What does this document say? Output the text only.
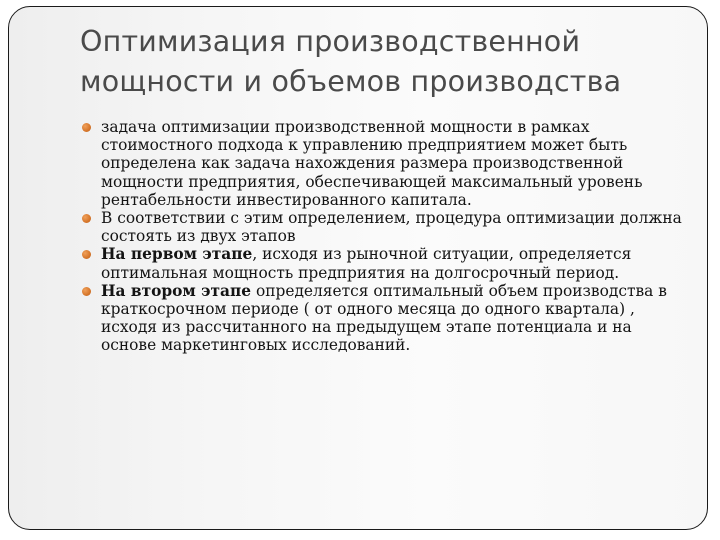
Оптимизация производственной
мощности и объемов производства
задача оптимизации производственной мощности в рамках стоимостного подхода к управлению предприятием может быть определена как задача нахождения размера производственной мощности предприятия, обеспечивающей максимальный уровень рентабельности инвестированного капитала.
В соответствии с этим определением, процедура оптимизации должна состоять из двух этапов
На первом этапе, исходя из рыночной ситуации, определяется оптимальная мощность предприятия на долгосрочный период.
На втором этапе определяется оптимальный объем производства в краткосрочном периоде ( от одного месяца до одного квартала) , исходя из рассчитанного на предыдущем этапе потенциала и на основе маркетинговых исследований.
